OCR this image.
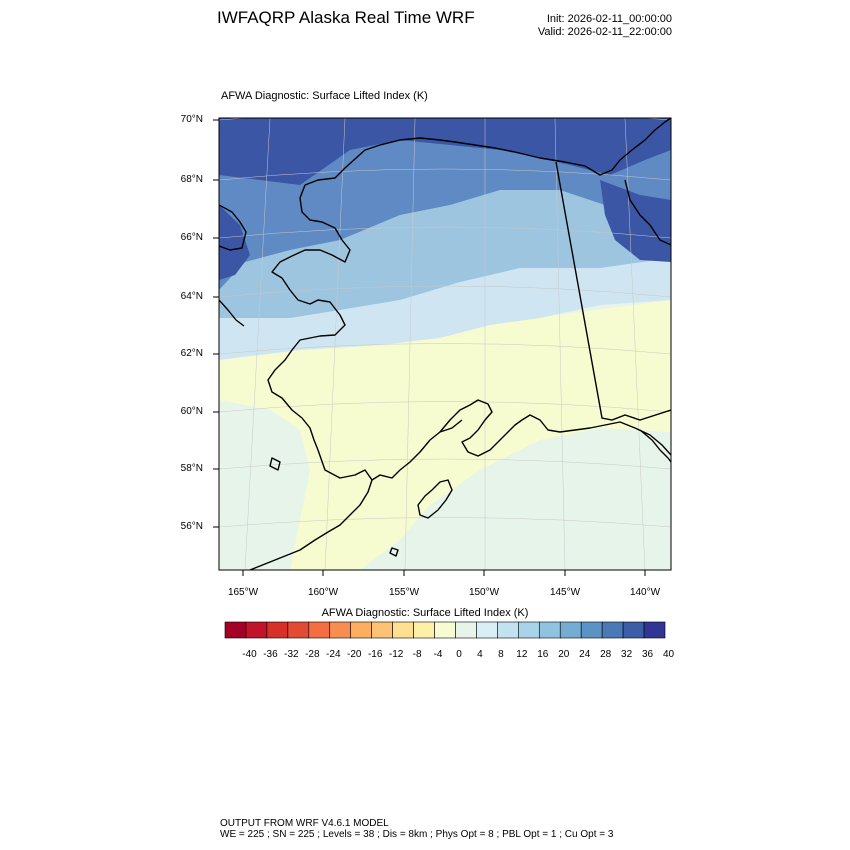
IWFAQRP Alaska Real Time WRF	Init: 2026-02-11_00:00:00
Valid: 2026-02-11_22:00:00
AFWA Diagnostic: Surface Lifted Index (K)
70°N
68°N
66°N
64°N
62°N
60°N
58°N
56°N
165°W	160°W	155°W	150°W	145°W	140°W
AFWA Diagnostic: Surface Lifted Index (K)
-40 -36 -32 -28 -24 -20 -16 -12 -8 -4 0 4 8 12 16 20 24 28 32 36 40
OUTPUT FROM WRF V4.6.1 MODEL
WE = 225 ; SN = 225 ; Levels = 38 ; Dis = 8km ; Phys Opt = 8 ; PBL Opt = 1 ; Cu Opt = 3
